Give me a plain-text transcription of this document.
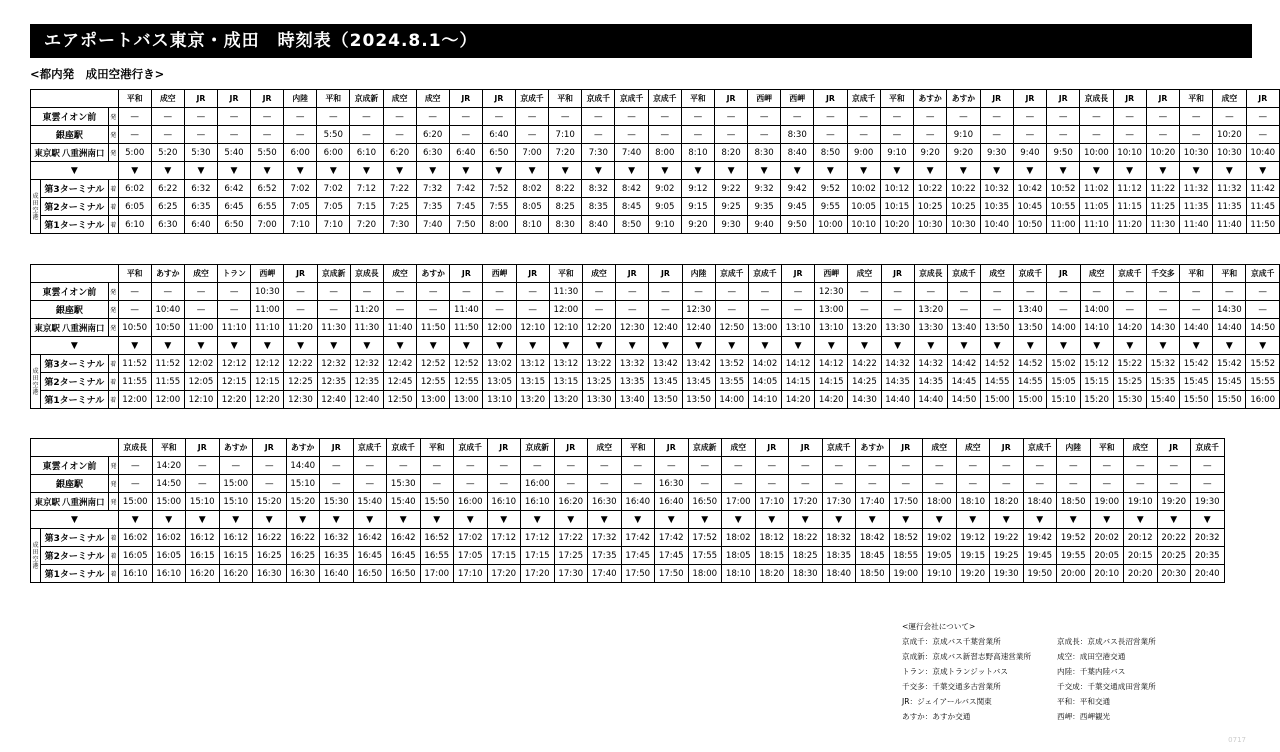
エアポートバス東京・成田　時刻表（2024.8.1〜）
<都内発　成田空港行き>
			平和	成空	JR	JR	JR	内陸	平和	京成新	成空	成空	JR	JR	京成千	平和	京成千	京成千	京成千	平和	JR	西岬	西岬	JR	京成千	平和	あすか	あすか	JR	JR	JR	京成長	JR	JR	平和	成空	JR
東雲イオン前		発	—	—	—	—	—	—	—	—	—	—	—	—	—	—	—	—	—	—	—	—	—	—	—	—	—	—	—	—	—	—	—	—	—	—	—
銀座駅		発	—	—	—	—	—	—	5:50	—	—	6:20	—	6:40	—	7:10	—	—	—	—	—	—	8:30	—	—	—	—	9:10	—	—	—	—	—	—	—	10:20	—
東京駅 八重洲南口		発	5:00	5:20	5:30	5:40	5:50	6:00	6:00	6:10	6:20	6:30	6:40	6:50	7:00	7:20	7:30	7:40	8:00	8:10	8:20	8:30	8:40	8:50	9:00	9:10	9:20	9:20	9:30	9:40	9:50	10:00	10:10	10:20	10:30	10:30	10:40
▼			▼	▼	▼	▼	▼	▼	▼	▼	▼	▼	▼	▼	▼	▼	▼	▼	▼	▼	▼	▼	▼	▼	▼	▼	▼	▼	▼	▼	▼	▼	▼	▼	▼	▼	▼

成
田
空
港	第3ターミナル	着	6:02	6:22	6:32	6:42	6:52	7:02	7:02	7:12	7:22	7:32	7:42	7:52	8:02	8:22	8:32	8:42	9:02	9:12	9:22	9:32	9:42	9:52	10:02	10:12	10:22	10:22	10:32	10:42	10:52	11:02	11:12	11:22	11:32	11:32	11:42
	第2ターミナル	着	6:05	6:25	6:35	6:45	6:55	7:05	7:05	7:15	7:25	7:35	7:45	7:55	8:05	8:25	8:35	8:45	9:05	9:15	9:25	9:35	9:45	9:55	10:05	10:15	10:25	10:25	10:35	10:45	10:55	11:05	11:15	11:25	11:35	11:35	11:45
	第1ターミナル	着	6:10	6:30	6:40	6:50	7:00	7:10	7:10	7:20	7:30	7:40	7:50	8:00	8:10	8:30	8:40	8:50	9:10	9:20	9:30	9:40	9:50	10:00	10:10	10:20	10:30	10:30	10:40	10:50	11:00	11:10	11:20	11:30	11:40	11:40	11:50
			平和	あすか	成空	トラン	西岬	JR	京成新	京成長	成空	あすか	JR	西岬	JR	平和	成空	JR	JR	内陸	京成千	京成千	JR	西岬	成空	JR	京成長	京成千	成空	京成千	JR	成空	京成千	千交多	平和	平和	京成千
東雲イオン前		発	—	—	—	—	10:30	—	—	—	—	—	—	—	—	11:30	—	—	—	—	—	—	—	12:30	—	—	—	—	—	—	—	—	—	—	—	—	—
銀座駅		発	—	10:40	—	—	11:00	—	—	11:20	—	—	11:40	—	—	12:00	—	—	—	12:30	—	—	—	13:00	—	—	13:20	—	—	13:40	—	14:00	—	—	—	14:30	—
東京駅 八重洲南口		発	10:50	10:50	11:00	11:10	11:10	11:20	11:30	11:30	11:40	11:50	11:50	12:00	12:10	12:10	12:20	12:30	12:40	12:40	12:50	13:00	13:10	13:10	13:20	13:30	13:30	13:40	13:50	13:50	14:00	14:10	14:20	14:30	14:40	14:40	14:50
▼			▼	▼	▼	▼	▼	▼	▼	▼	▼	▼	▼	▼	▼	▼	▼	▼	▼	▼	▼	▼	▼	▼	▼	▼	▼	▼	▼	▼	▼	▼	▼	▼	▼	▼	▼

成
田
空
港	第3ターミナル	着	11:52	11:52	12:02	12:12	12:12	12:22	12:32	12:32	12:42	12:52	12:52	13:02	13:12	13:12	13:22	13:32	13:42	13:42	13:52	14:02	14:12	14:12	14:22	14:32	14:32	14:42	14:52	14:52	15:02	15:12	15:22	15:32	15:42	15:42	15:52
	第2ターミナル	着	11:55	11:55	12:05	12:15	12:15	12:25	12:35	12:35	12:45	12:55	12:55	13:05	13:15	13:15	13:25	13:35	13:45	13:45	13:55	14:05	14:15	14:15	14:25	14:35	14:35	14:45	14:55	14:55	15:05	15:15	15:25	15:35	15:45	15:45	15:55
	第1ターミナル	着	12:00	12:00	12:10	12:20	12:20	12:30	12:40	12:40	12:50	13:00	13:00	13:10	13:20	13:20	13:30	13:40	13:50	13:50	14:00	14:10	14:20	14:20	14:30	14:40	14:40	14:50	15:00	15:00	15:10	15:20	15:30	15:40	15:50	15:50	16:00
			京成長	平和	JR	あすか	JR	あすか	JR	京成千	京成千	平和	京成千	JR	京成新	JR	成空	平和	JR	京成新	成空	JR	JR	京成千	あすか	JR	成空	成空	JR	京成千	内陸	平和	成空	JR	京成千
東雲イオン前		発	—	14:20	—	—	—	14:40	—	—	—	—	—	—	—	—	—	—	—	—	—	—	—	—	—	—	—	—	—	—	—	—	—	—	—
銀座駅		発	—	14:50	—	15:00	—	15:10	—	—	15:30	—	—	—	16:00	—	—	—	16:30	—	—	—	—	—	—	—	—	—	—	—	—	—	—	—	—
東京駅 八重洲南口		発	15:00	15:00	15:10	15:10	15:20	15:20	15:30	15:40	15:40	15:50	16:00	16:10	16:10	16:20	16:30	16:40	16:40	16:50	17:00	17:10	17:20	17:30	17:40	17:50	18:00	18:10	18:20	18:40	18:50	19:00	19:10	19:20	19:30
▼			▼	▼	▼	▼	▼	▼	▼	▼	▼	▼	▼	▼	▼	▼	▼	▼	▼	▼	▼	▼	▼	▼	▼	▼	▼	▼	▼	▼	▼	▼	▼	▼	▼

成
田
空
港	第3ターミナル	着	16:02	16:02	16:12	16:12	16:22	16:22	16:32	16:42	16:42	16:52	17:02	17:12	17:12	17:22	17:32	17:42	17:42	17:52	18:02	18:12	18:22	18:32	18:42	18:52	19:02	19:12	19:22	19:42	19:52	20:02	20:12	20:22	20:32
	第2ターミナル	着	16:05	16:05	16:15	16:15	16:25	16:25	16:35	16:45	16:45	16:55	17:05	17:15	17:15	17:25	17:35	17:45	17:45	17:55	18:05	18:15	18:25	18:35	18:45	18:55	19:05	19:15	19:25	19:45	19:55	20:05	20:15	20:25	20:35
	第1ターミナル	着	16:10	16:10	16:20	16:20	16:30	16:30	16:40	16:50	16:50	17:00	17:10	17:20	17:20	17:30	17:40	17:50	17:50	18:00	18:10	18:20	18:30	18:40	18:50	19:00	19:10	19:20	19:30	19:50	20:00	20:10	20:20	20:30	20:40
<運行会社について>
京成千：京成バス千葉営業所	京成長：京成バス長沼営業所
京成新：京成バス新習志野高速営業所	成空：成田空港交通
トラン：京成トランジットバス	内陸：千葉内陸バス
千交多：千葉交通多古営業所	千交成：千葉交通成田営業所
JR：ジェイアールバス関東	平和：平和交通
あすか：あすか交通	西岬：西岬観光
0717
